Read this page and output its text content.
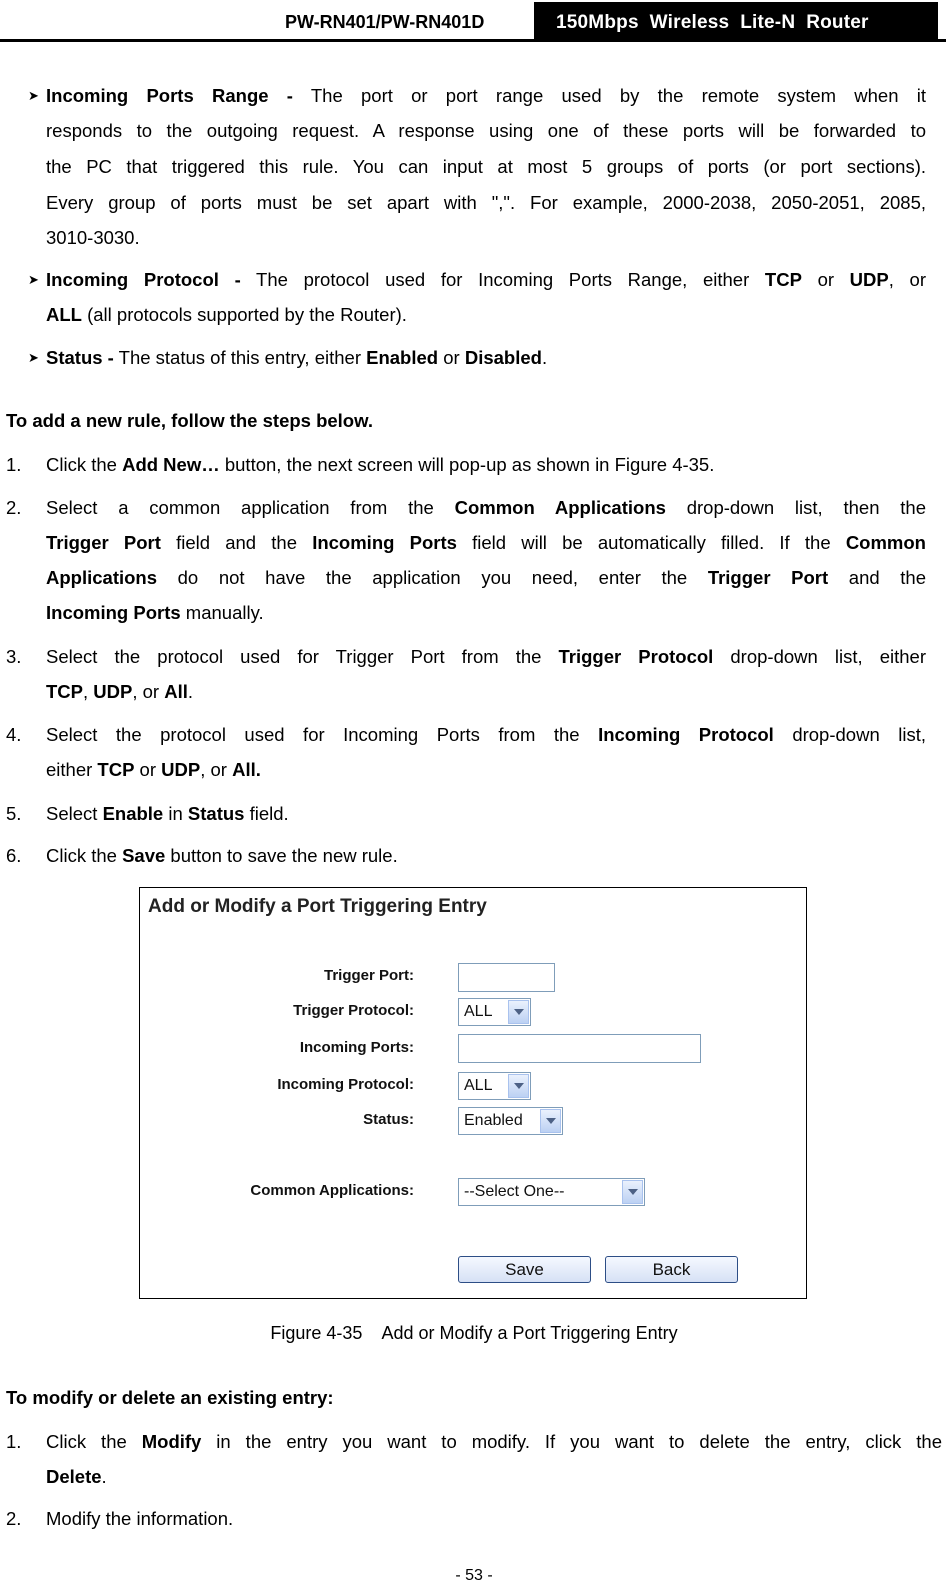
PW-RN401/PW-RN401D	150Mbps  Wireless  Lite-N  Router
➤ Incoming Ports Range - The port or port range used by the remote system when it
responds to the outgoing request. A response using one of these ports will be forwarded to
the PC that triggered this rule. You can input at most 5 groups of ports (or port sections).
Every group of ports must be set apart with ",". For example, 2000-2038, 2050-2051, 2085,
3010-3030.
➤ Incoming Protocol - The protocol used for Incoming Ports Range, either TCP or UDP, or
ALL (all protocols supported by the Router).
➤ Status - The status of this entry, either Enabled or Disabled.
To add a new rule, follow the steps below.
1. Click the Add New… button, the next screen will pop-up as shown in Figure 4-35.
2. Select a common application from the Common Applications drop-down list, then the
Trigger Port field and the Incoming Ports field will be automatically filled. If the Common
Applications do not have the application you need, enter the Trigger Port and the
Incoming Ports manually.
3. Select the protocol used for Trigger Port from the Trigger Protocol drop-down list, either
TCP, UDP, or All.
4. Select the protocol used for Incoming Ports from the Incoming Protocol drop-down list,
either TCP or UDP, or All.
5. Select Enable in Status field.
6. Click the Save button to save the new rule.
Add or Modify a Port Triggering Entry
Trigger Port:
Trigger Protocol:	ALL
Incoming Ports:
Incoming Protocol:	ALL
Status:	Enabled
Common Applications:	--Select One--
Save	Back
Figure 4-35    Add or Modify a Port Triggering Entry
To modify or delete an existing entry:
1. Click the Modify in the entry you want to modify. If you want to delete the entry, click the
Delete.
2. Modify the information.
- 53 -
